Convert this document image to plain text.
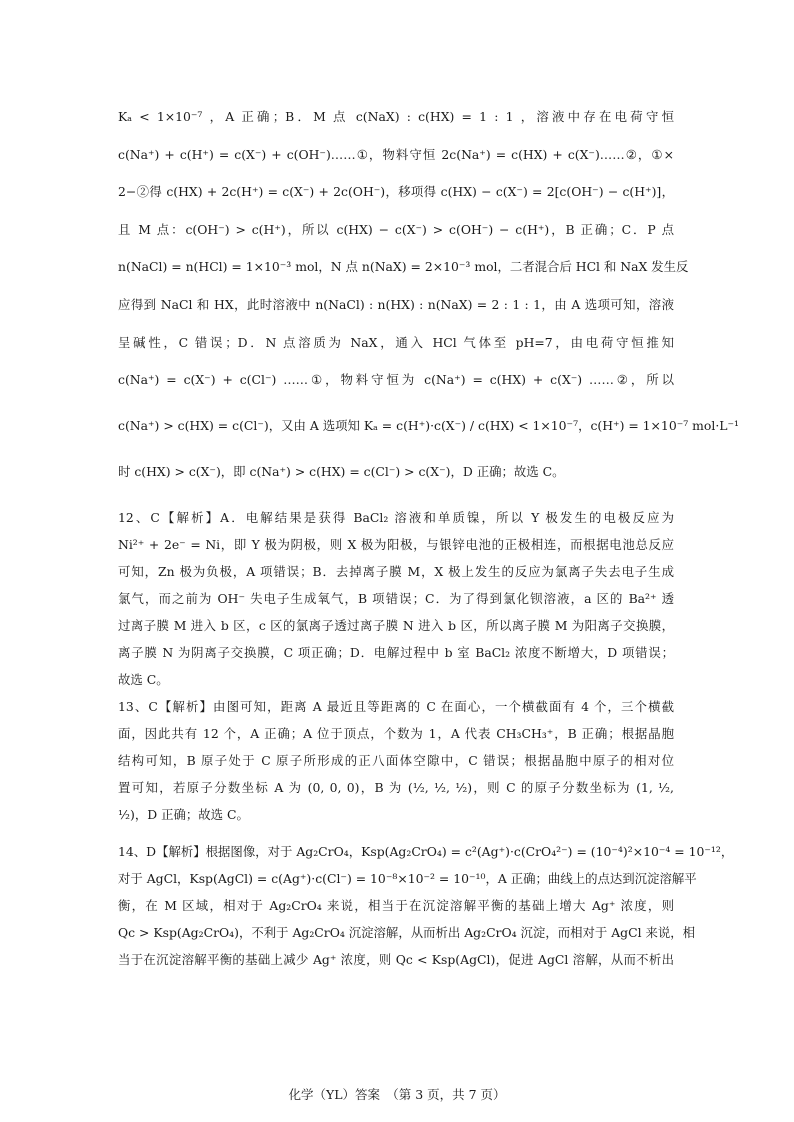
Kₐ < 1×10⁻⁷ ，A 正确；B．M 点 c(NaX) : c(HX) = 1 : 1 ，溶液中存在电荷守恒
c(Na⁺) + c(H⁺) = c(X⁻) + c(OH⁻)……①，物料守恒 2c(Na⁺) = c(HX) + c(X⁻)……②，①×
2−②得 c(HX) + 2c(H⁺) = c(X⁻) + 2c(OH⁻)，移项得 c(HX) − c(X⁻) = 2[c(OH⁻) − c(H⁺)]，
且 M 点：c(OH⁻) > c(H⁺)，所以 c(HX) − c(X⁻) > c(OH⁻) − c(H⁺)，B 正确；C．P 点
n(NaCl) = n(HCl) = 1×10⁻³ mol，N 点 n(NaX) = 2×10⁻³ mol，二者混合后 HCl 和 NaX 发生反
应得到 NaCl 和 HX，此时溶液中 n(NaCl) : n(HX) : n(NaX) = 2 : 1 : 1，由 A 选项可知，溶液
呈碱性，C 错误；D．N 点溶质为 NaX，通入 HCl 气体至 pH=7，由电荷守恒推知
c(Na⁺) = c(X⁻) + c(Cl⁻) ……①，物料守恒为 c(Na⁺) = c(HX) + c(X⁻) ……②，所以
c(Na⁺) > c(HX) = c(Cl⁻)，又由 A 选项知 Kₐ = c(H⁺)·c(X⁻) / c(HX) < 1×10⁻⁷，c(H⁺) = 1×10⁻⁷ mol·L⁻¹
时 c(HX) > c(X⁻)，即 c(Na⁺) > c(HX) = c(Cl⁻) > c(X⁻)，D 正确；故选 C。
12、C【解析】A．电解结果是获得 BaCl₂ 溶液和单质镍，所以 Y 极发生的电极反应为
Ni²⁺ + 2e⁻ = Ni，即 Y 极为阴极，则 X 极为阳极，与银锌电池的正极相连，而根据电池总反应
可知，Zn 极为负极，A 项错误；B．去掉离子膜 M，X 极上发生的反应为氯离子失去电子生成
氯气，而之前为 OH⁻ 失电子生成氧气，B 项错误；C．为了得到氯化钡溶液，a 区的 Ba²⁺ 透
过离子膜 M 进入 b 区，c 区的氯离子透过离子膜 N 进入 b 区，所以离子膜 M 为阳离子交换膜，
离子膜 N 为阴离子交换膜，C 项正确；D．电解过程中 b 室 BaCl₂ 浓度不断增大，D 项错误；
故选 C。
13、C【解析】由图可知，距离 A 最近且等距离的 C 在面心，一个横截面有 4 个，三个横截
面，因此共有 12 个，A 正确；A 位于顶点，个数为 1，A 代表 CH₃CH₃⁺，B 正确；根据晶胞
结构可知，B 原子处于 C 原子所形成的正八面体空隙中，C 错误；根据晶胞中原子的相对位
置可知，若原子分数坐标 A 为 (0, 0, 0)，B 为 (½, ½, ½)，则 C 的原子分数坐标为 (1, ½,
½)，D 正确；故选 C。
14、D【解析】根据图像，对于 Ag₂CrO₄，Ksp(Ag₂CrO₄) = c²(Ag⁺)·c(CrO₄²⁻) = (10⁻⁴)²×10⁻⁴ = 10⁻¹²，
对于 AgCl，Ksp(AgCl) = c(Ag⁺)·c(Cl⁻) = 10⁻⁸×10⁻² = 10⁻¹⁰，A 正确；曲线上的点达到沉淀溶解平
衡，在 M 区域，相对于 Ag₂CrO₄ 来说，相当于在沉淀溶解平衡的基础上增大 Ag⁺ 浓度，则
Qc > Ksp(Ag₂CrO₄)，不利于 Ag₂CrO₄ 沉淀溶解，从而析出 Ag₂CrO₄ 沉淀，而相对于 AgCl 来说，相
当于在沉淀溶解平衡的基础上减少 Ag⁺ 浓度，则 Qc < Ksp(AgCl)，促进 AgCl 溶解，从而不析出
化学（YL）答案　（第 3 页，共 7 页）
